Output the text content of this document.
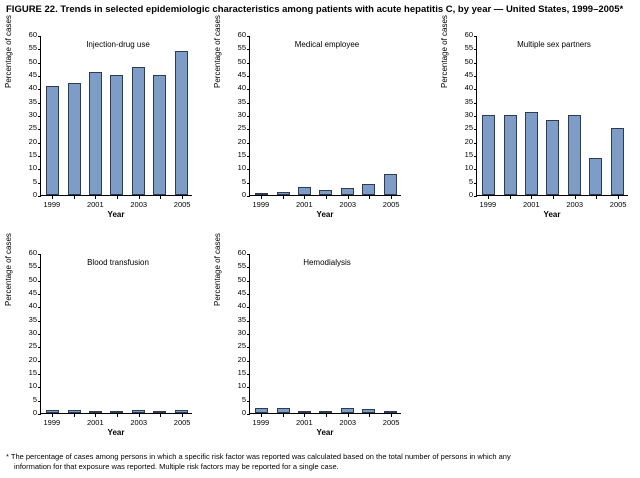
FIGURE 22. Trends in selected epidemiologic characteristics among patients with acute hepatitis C, by year — United States, 1999–2005*
Percentage of cases	Injection-drug use
0
5
10
15
20
25
30
35
40
45
50
55
60
1999	2001	2003	2005
Year
Percentage of cases	Medical employee
0
5
10
15
20
25
30
35
40
45
50
55
60
1999	2001	2003	2005
Year
Percentage of cases	Multiple sex partners
0
5
10
15
20
25
30
35
40
45
50
55
60
1999	2001	2003	2005
Year
Percentage of cases	Blood transfusion
0
5
10
15
20
25
30
35
40
45
50
55
60
1999	2001	2003	2005
Year
Percentage of cases	Hemodialysis
0
5
10
15
20
25
30
35
40
45
50
55
60
1999	2001	2003	2005
Year
* The percentage of cases among persons in which a specific risk factor was reported was calculated based on the total number of persons in which any
information for that exposure was reported. Multiple risk factors may be reported for a single case.
